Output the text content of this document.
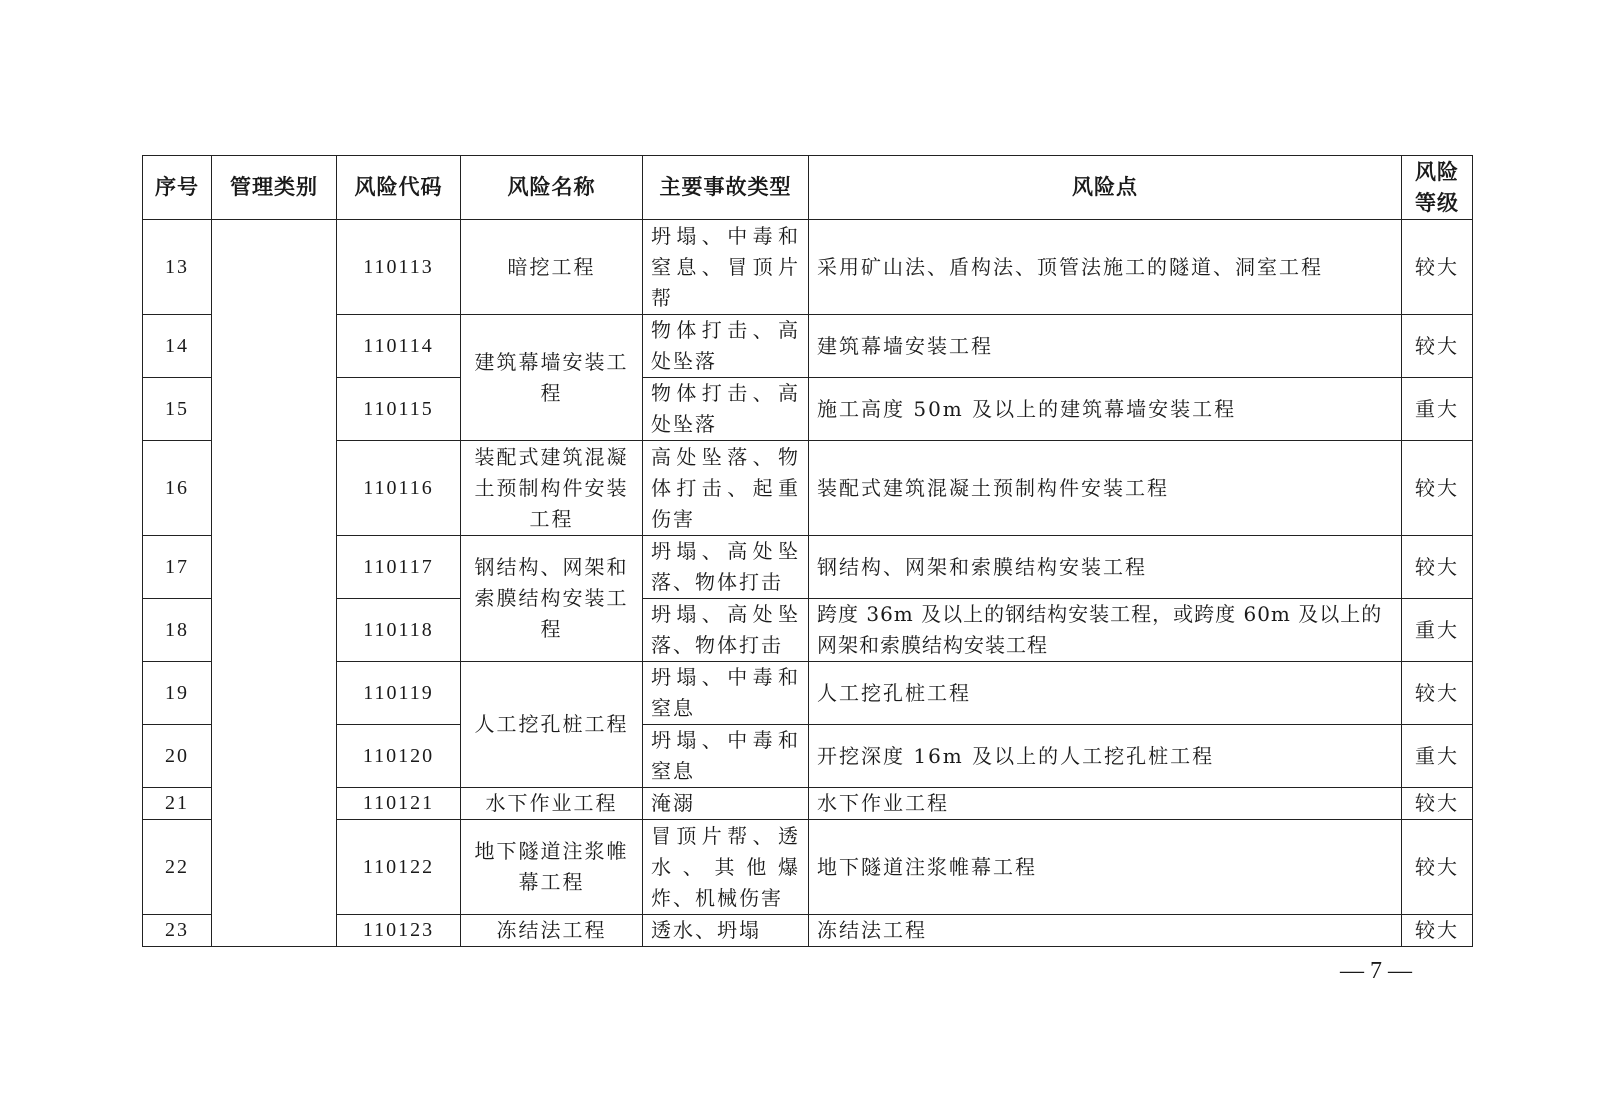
序号	管理类别	风险代码	风险名称	主要事故类型	风险点	风险等级
13		110113	暗挖工程	坍塌、中毒和窒息、冒顶片帮	采用矿山法、盾构法、顶管法施工的隧道、洞室工程	较大
14		110114	建筑幕墙安装工程	物体打击、高处坠落	建筑幕墙安装工程	较大
15		110115		物体打击、高处坠落	施工高度 50m 及以上的建筑幕墙安装工程	重大
16		110116	装配式建筑混凝土预制构件安装工程	高处坠落、物体打击、起重伤害	装配式建筑混凝土预制构件安装工程	较大
17		110117	钢结构、网架和索膜结构安装工程	坍塌、高处坠落、物体打击	钢结构、网架和索膜结构安装工程	较大
18		110118		坍塌、高处坠落、物体打击	跨度 36m 及以上的钢结构安装工程，或跨度 60m 及以上的网架和索膜结构安装工程	重大
19		110119	人工挖孔桩工程	坍塌、中毒和窒息	人工挖孔桩工程	较大
20		110120		坍塌、中毒和窒息	开挖深度 16m 及以上的人工挖孔桩工程	重大
21		110121	水下作业工程	淹溺	水下作业工程	较大
22		110122	地下隧道注浆帷幕工程	冒顶片帮、透水、其他爆炸、机械伤害	地下隧道注浆帷幕工程	较大
23		110123	冻结法工程	透水、坍塌	冻结法工程	较大
— 7 —
